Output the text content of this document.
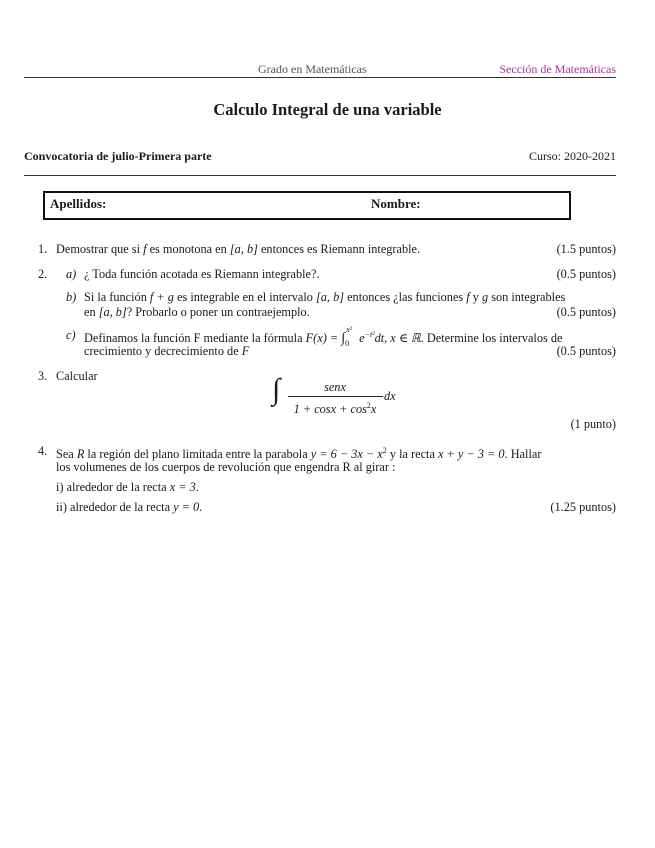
Grado en Matemáticas	Sección de Matemáticas
Calculo Integral de una variable
Convocatoria de julio-Primera parte	Curso: 2020-2021
Apellidos:	Nombre:
1. Demostrar que si f es monotona en [a, b] entonces es Riemann integrable.	(1.5 puntos)
2. a) ¿ Toda función acotada es Riemann integrable?.	(0.5 puntos)
b) Si la función f + g es integrable en el intervalo [a, b] entonces ¿las funciones f y g son integrables
en [a, b]? Probarlo o poner un contraejemplo.	(0.5 puntos)
c) Definamos la función F mediante la fórmula F(x) = ∫
x²
0 $e^{-t^2}dt$, x ∈ ℝ. Determine los intervalos de
crecimiento y decrecimiento de F	(0.5 puntos)
3. Calcular	∫	senx
$1 + \cos x + \cos^2x$
dx
(1 punto)
4. Sea R la región del plano limitada entre la parabola $y = 6 - 3x - x^2$ y la recta x + y − 3 = 0. Hallar
los volumenes de los cuerpos de revolución que engendra R al girar :
i) alrededor de la recta x = 3.
ii) alrededor de la recta y = 0.	(1.25 puntos)
